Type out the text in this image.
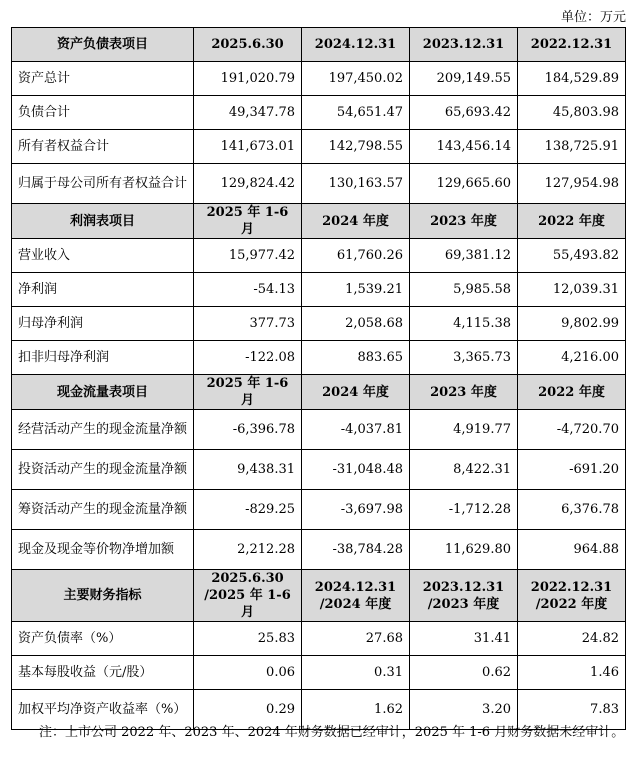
单位：万元
资产负债表项目	2025.6.30	2024.12.31	2023.12.31	2022.12.31
资产总计	191,020.79	197,450.02	209,149.55	184,529.89
负债合计	49,347.78	54,651.47	65,693.42	45,803.98
所有者权益合计	141,673.01	142,798.55	143,456.14	138,725.91
归属于母公司所有者权益合计	129,824.42	130,163.57	129,665.60	127,954.98
利润表项目	2025 年 1-6 月	2024 年度	2023 年度	2022 年度
营业收入	15,977.42	61,760.26	69,381.12	55,493.82
净利润	-54.13	1,539.21	5,985.58	12,039.31
归母净利润	377.73	2,058.68	4,115.38	9,802.99
扣非归母净利润	-122.08	883.65	3,365.73	4,216.00
现金流量表项目	2025 年 1-6 月	2024 年度	2023 年度	2022 年度
经营活动产生的现金流量净额	-6,396.78	-4,037.81	4,919.77	-4,720.70
投资活动产生的现金流量净额	9,438.31	-31,048.48	8,422.31	-691.20
筹资活动产生的现金流量净额	-829.25	-3,697.98	-1,712.28	6,376.78
现金及现金等价物净增加额	2,212.28	-38,784.28	11,629.80	964.88
主要财务指标	2025.6.30 /2025 年 1-6 月	2024.12.31 /2024 年度	2023.12.31 /2023 年度	2022.12.31 /2022 年度
资产负债率（%）	25.83	27.68	31.41	24.82
基本每股收益（元/股）	0.06	0.31	0.62	1.46
加权平均净资产收益率（%）	0.29	1.62	3.20	7.83
注：上市公司 2022 年、2023 年、2024 年财务数据已经审计，2025 年 1-6 月财务数据未经审计。
